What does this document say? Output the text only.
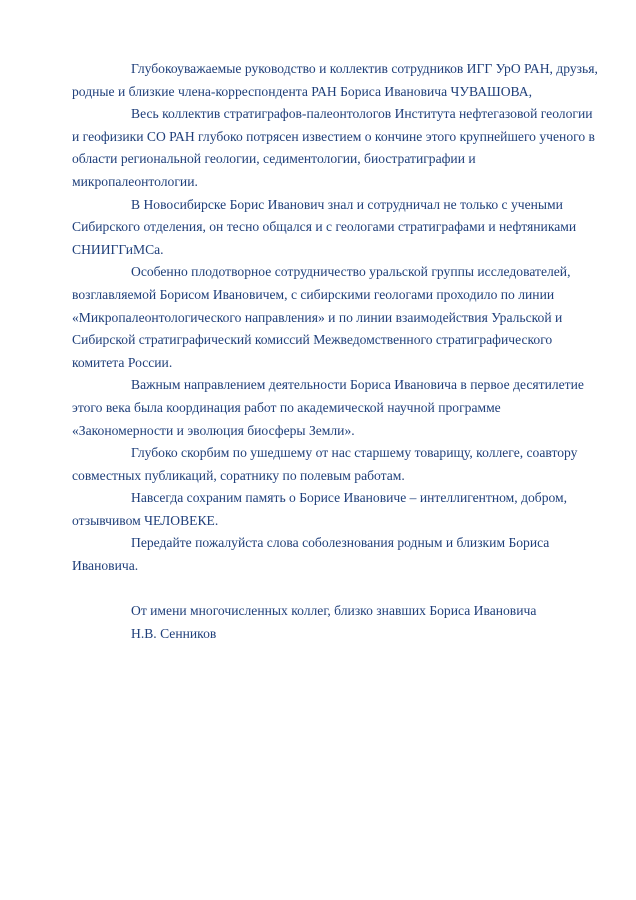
Глубокоуважаемые руководство и коллектив сотрудников ИГГ УрО РАН, друзья, родные и близкие члена-корреспондента РАН Бориса Ивановича ЧУВАШОВА,

Весь коллектив стратиграфов-палеонтологов Института нефтегазовой геологии и геофизики СО РАН глубоко потрясен известием о кончине этого крупнейшего ученого в области региональной геологии, седиментологии, биостратиграфии и микропалеонтологии.

В Новосибирске Борис Иванович знал и сотрудничал не только с учеными Сибирского отделения, он тесно общался и с геологами стратиграфами и нефтяниками СНИИГГиМСа.

Особенно плодотворное сотрудничество уральской группы исследователей, возглавляемой Борисом Ивановичем, с сибирскими геологами проходило по линии «Микропалеонтологического направления» и по линии взаимодействия Уральской и Сибирской стратиграфический комиссий Межведомственного стратиграфического комитета России.

Важным направлением деятельности Бориса Ивановича в первое десятилетие этого века была координация работ по академической научной программе «Закономерности и эволюция биосферы Земли».

Глубоко скорбим по ушедшему от нас старшему товарищу, коллеге, соавтору совместных публикаций, соратнику по полевым работам.

Навсегда сохраним память о Борисе Ивановиче – интеллигентном, добром, отзывчивом ЧЕЛОВЕКЕ.

Передайте пожалуйста слова соболезнования родным и близким Бориса Ивановича.

От имени многочисленных коллег, близко знавших Бориса Ивановича

Н.В. Сенников
